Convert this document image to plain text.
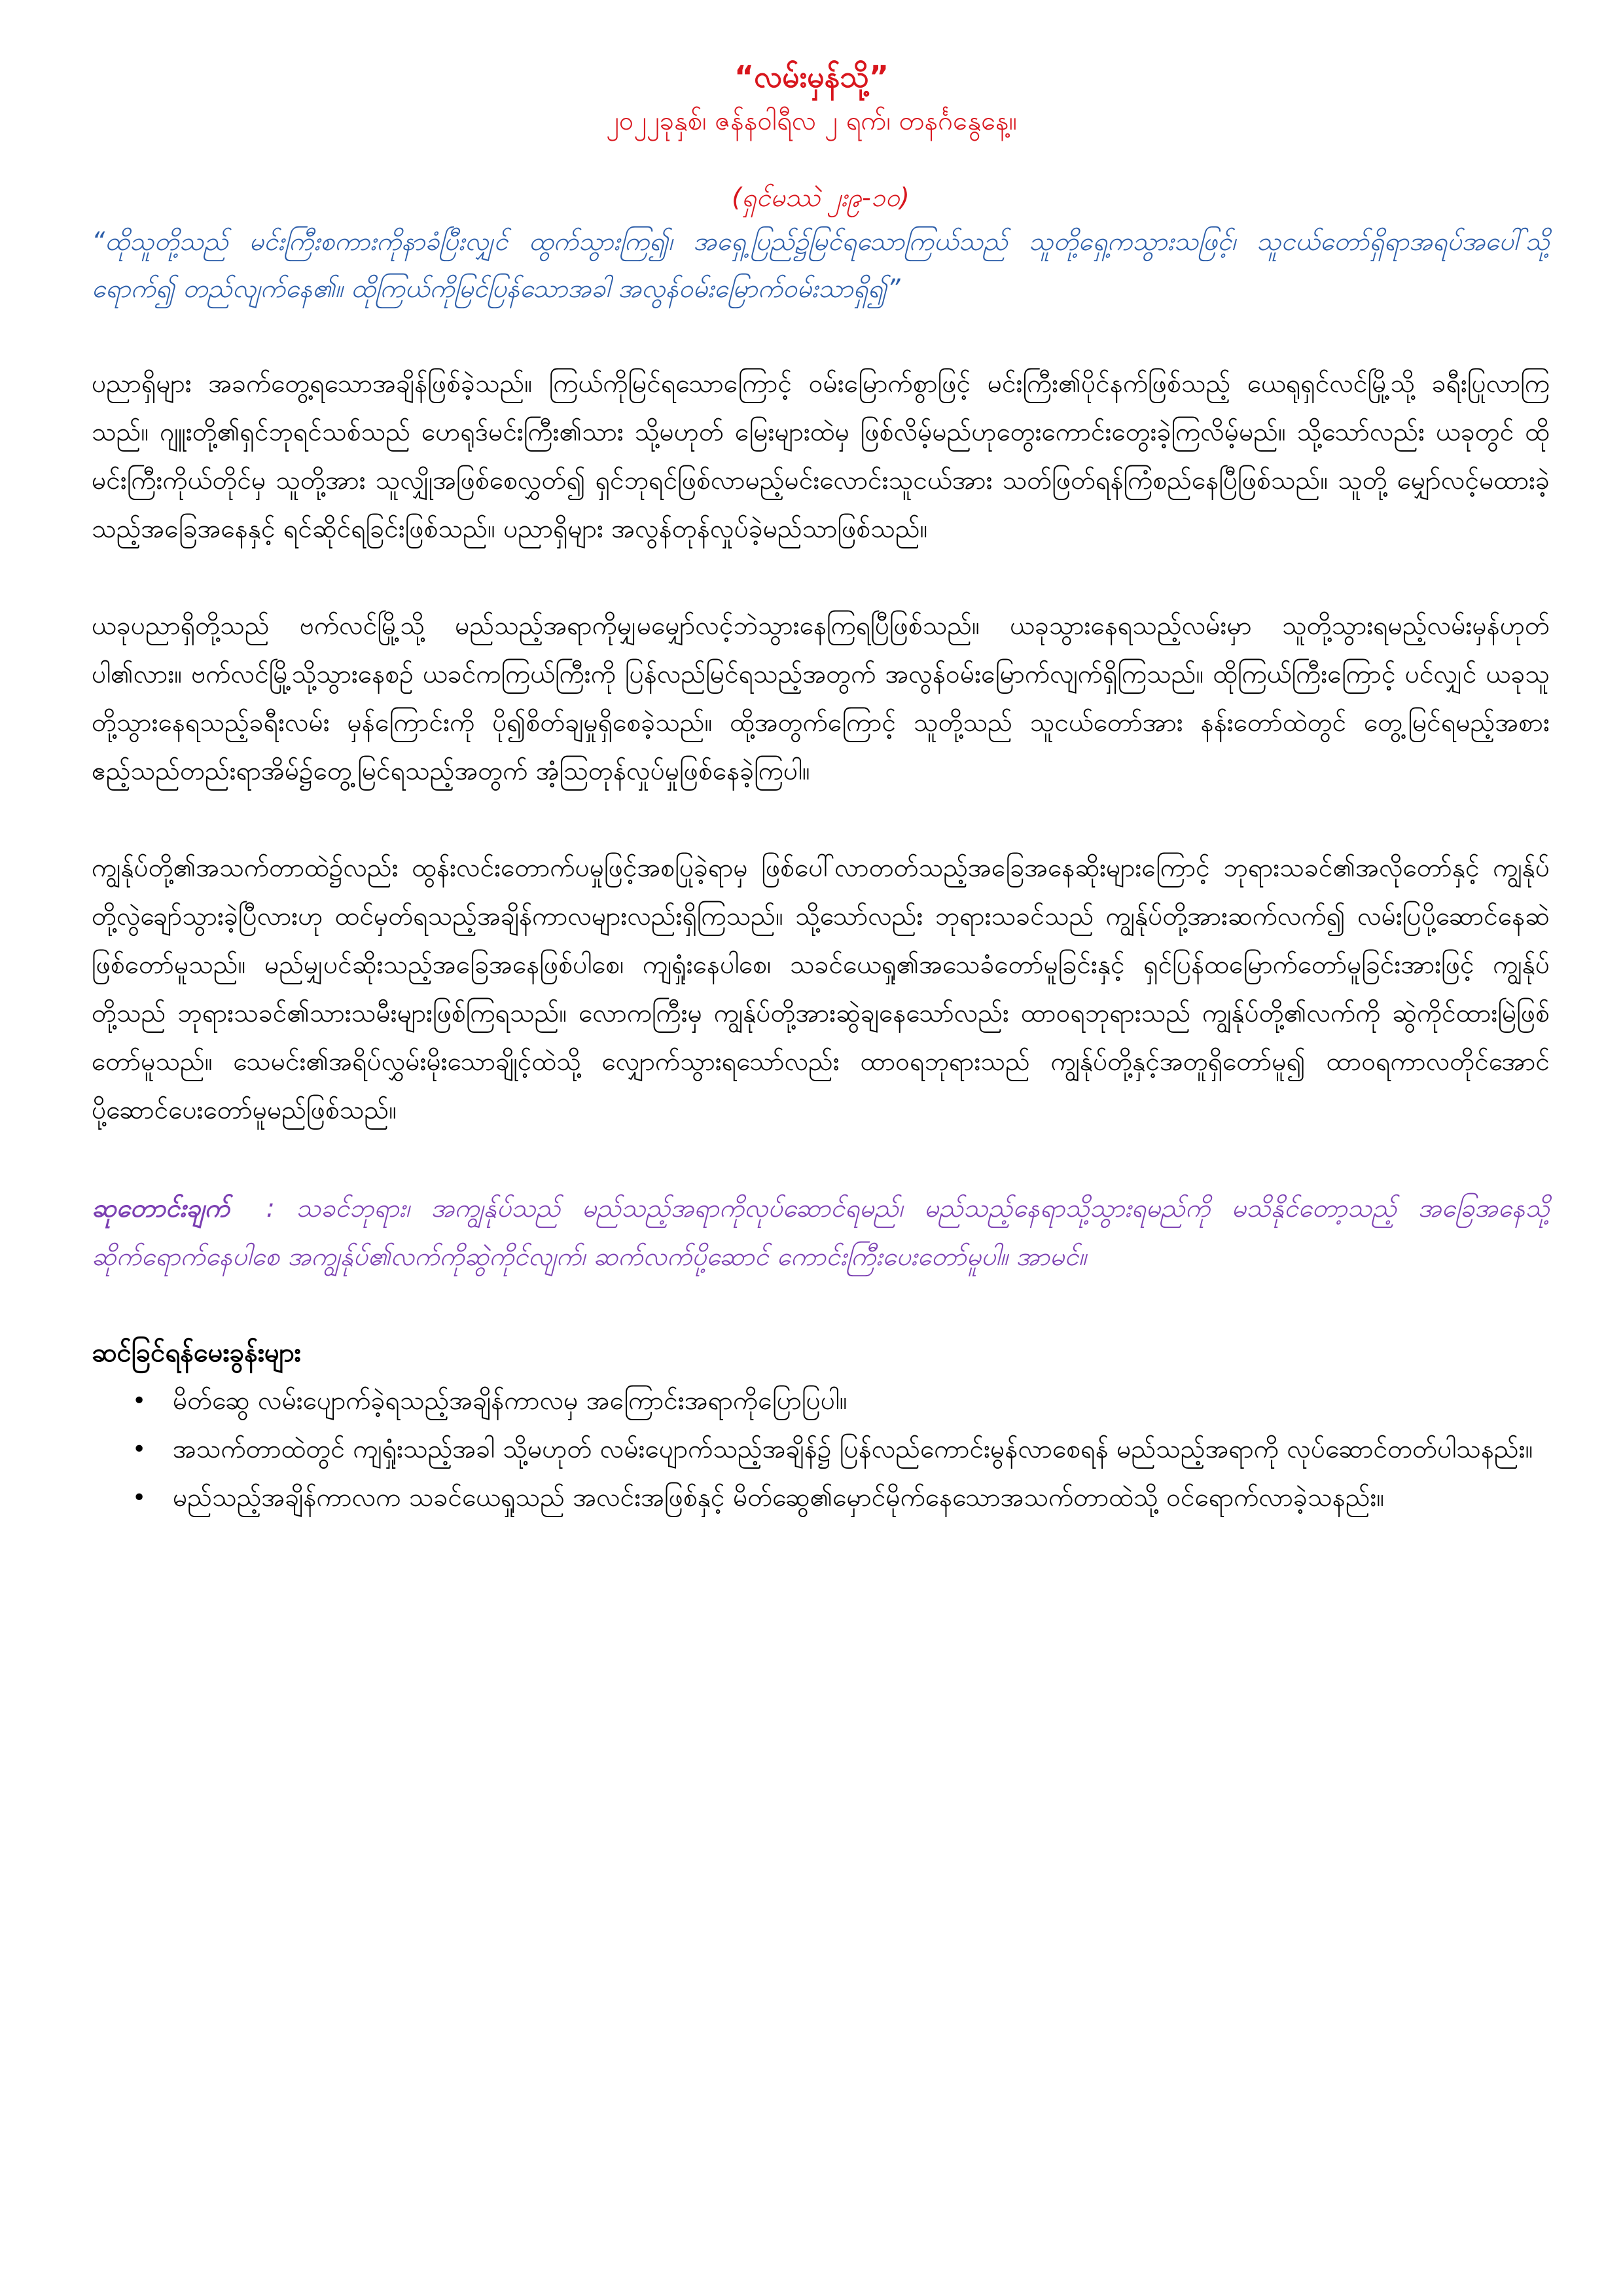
“လမ်းမှန်သို့”

၂၀၂၂ခုနှစ်၊ ဇန်နဝါရီလ ၂ ရက်၊ တနင်္ဂနွေနေ့။

(ရှင်မဿဲ ၂း၉-၁၀)

“ထိုသူတို့သည် မင်းကြီးစကားကိုနာခံပြီးလျှင် ထွက်သွားကြ၍၊ အရှေ့ပြည်၌မြင်ရသောကြယ်သည် သူတို့ရှေ့ကသွားသဖြင့်၊ သူငယ်တော်ရှိရာအရပ်အပေါ်သို့ရောက်၍ တည်လျက်နေ၏။ ထိုကြယ်ကိုမြင်ပြန်သောအခါ အလွန်ဝမ်းမြောက်ဝမ်းသာရှိ၍”

ပညာရှိများ အခက်တွေ့ရသောအချိန်ဖြစ်ခဲ့သည်။ ကြယ်ကိုမြင်ရသောကြောင့် ဝမ်းမြောက်စွာဖြင့် မင်းကြီး၏ပိုင်နက်ဖြစ်သည့် ယေရုရှင်လင်မြို့သို့ ခရီးပြုလာကြသည်။ ဂျူးတို့၏ရှင်ဘုရင်သစ်သည် ဟေရုဒ်မင်းကြီး၏သား သို့မဟုတ် မြေးများထဲမှ ဖြစ်လိမ့်မည်ဟုတွေးကောင်းတွေးခဲ့ကြလိမ့်မည်။ သို့သော်လည်း ယခုတွင် ထိုမင်းကြီးကိုယ်တိုင်မှ သူတို့အား သူလျှိုအဖြစ်စေလွှတ်၍ ရှင်ဘုရင်ဖြစ်လာမည့်မင်းလောင်းသူငယ်အား သတ်ဖြတ်ရန်ကြံစည်နေပြီဖြစ်သည်။ သူတို့ မျှော်လင့်မထားခဲ့သည့်အခြေအနေနှင့် ရင်ဆိုင်ရခြင်းဖြစ်သည်။ ပညာရှိများ အလွန်တုန်လှုပ်ခဲ့မည်သာဖြစ်သည်။

ယခုပညာရှိတို့သည် ဗက်လင်မြို့သို့ မည်သည့်အရာကိုမျှမမျှော်လင့်ဘဲသွားနေကြရပြီဖြစ်သည်။ ယခုသွားနေရသည့်လမ်းမှာ သူတို့သွားရမည့်လမ်းမှန်ဟုတ်ပါ၏လား။ ဗက်လင်မြို့သို့သွားနေစဉ် ယခင်ကကြယ်ကြီးကို ပြန်လည်မြင်ရသည့်အတွက် အလွန်ဝမ်းမြောက်လျက်ရှိကြသည်။ ထိုကြယ်ကြီးကြောင့် ပင်လျှင် ယခုသူတို့သွားနေရသည့်ခရီးလမ်း မှန်ကြောင်းကို ပို၍စိတ်ချမှုရှိစေခဲ့သည်။ ထို့အတွက်ကြောင့် သူတို့သည် သူငယ်တော်အား နန်းတော်ထဲတွင် တွေ့မြင်ရမည့်အစား ဧည့်သည်တည်းရာအိမ်၌တွေ့မြင်ရသည့်အတွက် အံ့သြတုန်လှုပ်မှုဖြစ်နေခဲ့ကြပါ။

ကျွန်ုပ်တို့၏အသက်တာထဲ၌လည်း ထွန်းလင်းတောက်ပမှုဖြင့်အစပြုခဲ့ရာမှ ဖြစ်ပေါ်လာတတ်သည့်အခြေအနေဆိုးများကြောင့် ဘုရားသခင်၏အလိုတော်နှင့် ကျွန်ုပ်တို့လွဲချော်သွားခဲ့ပြီလားဟု ထင်မှတ်ရသည့်အချိန်ကာလများလည်းရှိကြသည်။ သို့သော်လည်း ဘုရားသခင်သည် ကျွန်ုပ်တို့အားဆက်လက်၍ လမ်းပြပို့ဆောင်နေဆဲဖြစ်တော်မူသည်။ မည်မျှပင်ဆိုးသည့်အခြေအနေဖြစ်ပါစေ၊ ကျရှုံးနေပါစေ၊ သခင်ယေရှု၏အသေခံတော်မူခြင်းနှင့် ရှင်ပြန်ထမြောက်တော်မူခြင်းအားဖြင့် ကျွန်ုပ်တို့သည် ဘုရားသခင်၏သားသမီးများဖြစ်ကြရသည်။ လောကကြီးမှ ကျွန်ုပ်တို့အားဆွဲချနေသော်လည်း ထာဝရဘုရားသည် ကျွန်ုပ်တို့၏လက်ကို ဆွဲကိုင်ထားမြဲဖြစ်တော်မူသည်။ သေမင်း၏အရိပ်လွှမ်းမိုးသောချိုင့်ထဲသို့ လျှောက်သွားရသော်လည်း ထာဝရဘုရားသည် ကျွန်ုပ်တို့နှင့်အတူရှိတော်မူ၍ ထာဝရကာလတိုင်အောင်ပို့ဆောင်ပေးတော်မူမည်ဖြစ်သည်။

ဆုတောင်းချက် : သခင်ဘုရား၊ အကျွန်ုပ်သည် မည်သည့်အရာကိုလုပ်ဆောင်ရမည်၊ မည်သည့်နေရာသို့သွားရမည်ကို မသိနိုင်တော့သည့် အခြေအနေသို့ဆိုက်ရောက်နေပါစေ အကျွန်ုပ်၏လက်ကိုဆွဲကိုင်လျက်၊ ဆက်လက်ပို့ဆောင် ကောင်းကြီးပေးတော်မူပါ။ အာမင်။

ဆင်ခြင်ရန်မေးခွန်းများ

• မိတ်ဆွေ လမ်းပျောက်ခဲ့ရသည့်အချိန်ကာလမှ အကြောင်းအရာကိုပြောပြပါ။
• အသက်တာထဲတွင် ကျရှုံးသည့်အခါ သို့မဟုတ် လမ်းပျောက်သည့်အချိန်၌ ပြန်လည်ကောင်းမွန်လာစေရန် မည်သည့်အရာကို လုပ်ဆောင်တတ်ပါသနည်း။
• မည်သည့်အချိန်ကာလက သခင်ယေရှုသည် အလင်းအဖြစ်နှင့် မိတ်ဆွေ၏မှောင်မိုက်နေသောအသက်တာထဲသို့ ဝင်ရောက်လာခဲ့သနည်း။
